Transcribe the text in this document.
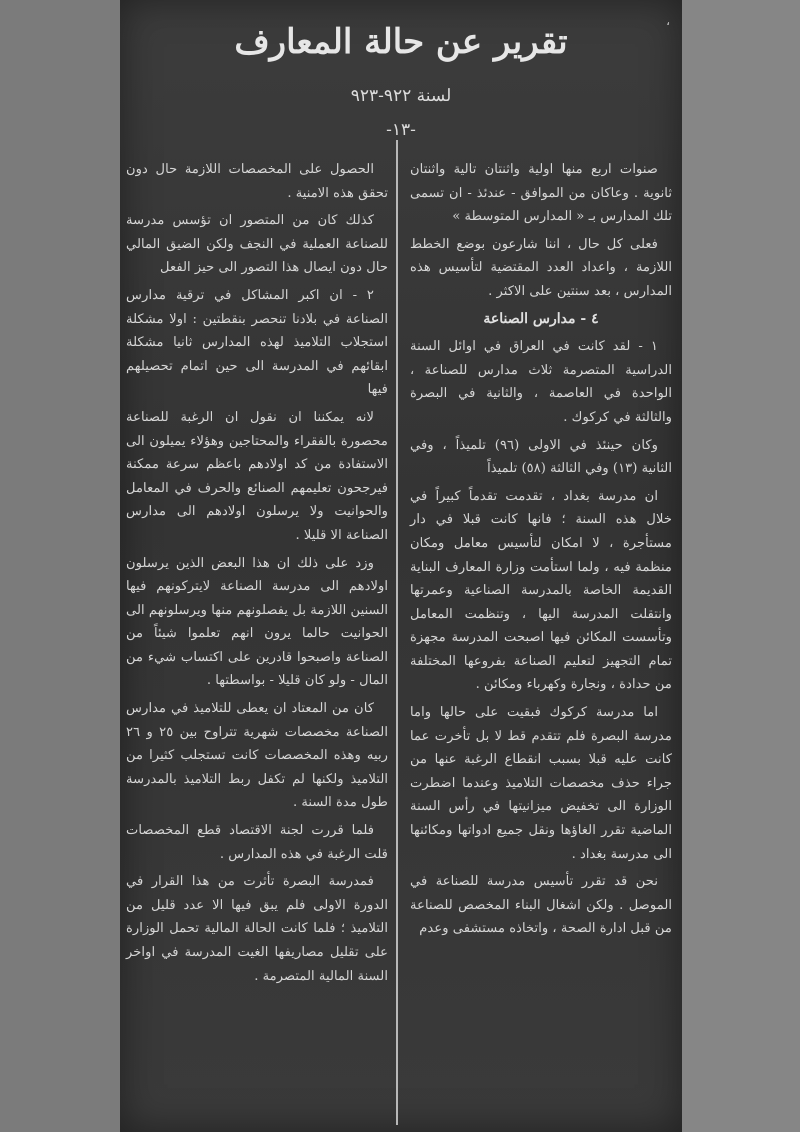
،
تقرير عن حالة المعارف
لسنة ٩٢٢-٩٢٣
-١٣-

صنوات اربع منها اولية واثنتان تالية واثنتان ثانوية . وعاكان من الموافق - عندئذ - ان تسمى تلك المدارس بـ « المدارس المتوسطة »

فعلى كل حال ، اننا شارعون بوضع الخطط اللازمة ، واعداد العدد المقتضية لتأسيس هذه المدارس ، بعد سنتين على الاكثر .

٤ - مدارس الصناعة

١ - لقد كانت في العراق في اوائل السنة الدراسية المتصرمة ثلاث مدارس للصناعة ، الواحدة في العاصمة ، والثانية في البصرة والثالثة في كركوك .

وكان حينئذ في الاولى (٩٦) تلميذاً ، وفي الثانية (١٣) وفي الثالثة (٥٨) تلميذاً

ان مدرسة بغداد ، تقدمت تقدماً كبيراً في خلال هذه السنة ؛ فانها كانت قبلا في دار مستأجرة ، لا امكان لتأسيس معامل ومكان منظمة فيه ، ولما استأمت وزارة المعارف البناية القديمة الخاصة بالمدرسة الصناعية وعمرتها وانتقلت المدرسة اليها ، وتنظمت المعامل وتأسست المكائن فيها اصبحت المدرسة مجهزة تمام التجهيز لتعليم الصناعة بفروعها المختلفة من حدادة ، ونجارة وكهرباء ومكائن .

اما مدرسة كركوك فبقيت على حالها واما مدرسة البصرة فلم تتقدم قط لا بل تأخرت عما كانت عليه قبلا بسبب انقطاع الرغبة عنها من جراء حذف مخصصات التلاميذ وعندما اضطرت الوزارة الى تخفيض ميزانيتها في رأس السنة الماضية تقرر الغاؤها ونقل جميع ادواتها ومكائنها الى مدرسة بغداد .

نحن قد تقرر تأسيس مدرسة للصناعة في الموصل . ولكن اشغال البناء المخصص للصناعة من قبل ادارة الصحة ، واتخاذه مستشفى وعدم

الحصول على المخصصات اللازمة حال دون تحقق هذه الامنية .

كذلك كان من المتصور ان تؤسس مدرسة للصناعة العملية في النجف ولكن الضيق المالي حال دون ايصال هذا التصور الى حيز الفعل

٢ - ان اكبر المشاكل في ترقية مدارس الصناعة في بلادنا تنحصر بنقطتين : اولا مشكلة استجلاب التلاميذ لهذه المدارس ثانيا مشكلة ابقائهم في المدرسة الى حين اتمام تحصيلهم فيها

لانه يمكننا ان نقول ان الرغبة للصناعة محصورة بالفقراء والمحتاجين وهؤلاء يميلون الى الاستفادة من كد اولادهم باعظم سرعة ممكنة فيرجحون تعليمهم الصنائع والحرف في المعامل والحوانيت ولا يرسلون اولادهم الى مدارس الصناعة الا قليلا .

وزد على ذلك ان هذا البعض الذين يرسلون اولادهم الى مدرسة الصناعة لايتركونهم فيها السنين اللازمة بل يفصلونهم منها ويرسلونهم الى الحوانيت حالما يرون انهم تعلموا شيئاً من الصناعة واصبحوا قادرين على اكتساب شيء من المال - ولو كان قليلا - بواسطتها .

كان من المعتاد ان يعطى للتلاميذ في مدارس الصناعة مخصصات شهرية تتراوح بين ٢٥ و ٢٦ ربيه وهذه المخصصات كانت تستجلب كثيرا من التلاميذ ولكنها لم تكفل ربط التلاميذ بالمدرسة طول مدة السنة .

فلما قررت لجنة الاقتصاد قطع المخصصات قلت الرغبة في هذه المدارس .

فمدرسة البصرة تأثرت من هذا القرار في الدورة الاولى فلم يبق فيها الا عدد قليل من التلاميذ ؛ فلما كانت الحالة المالية تحمل الوزارة على تقليل مصاريفها الغيت المدرسة في اواخر السنة المالية المتصرمة .
